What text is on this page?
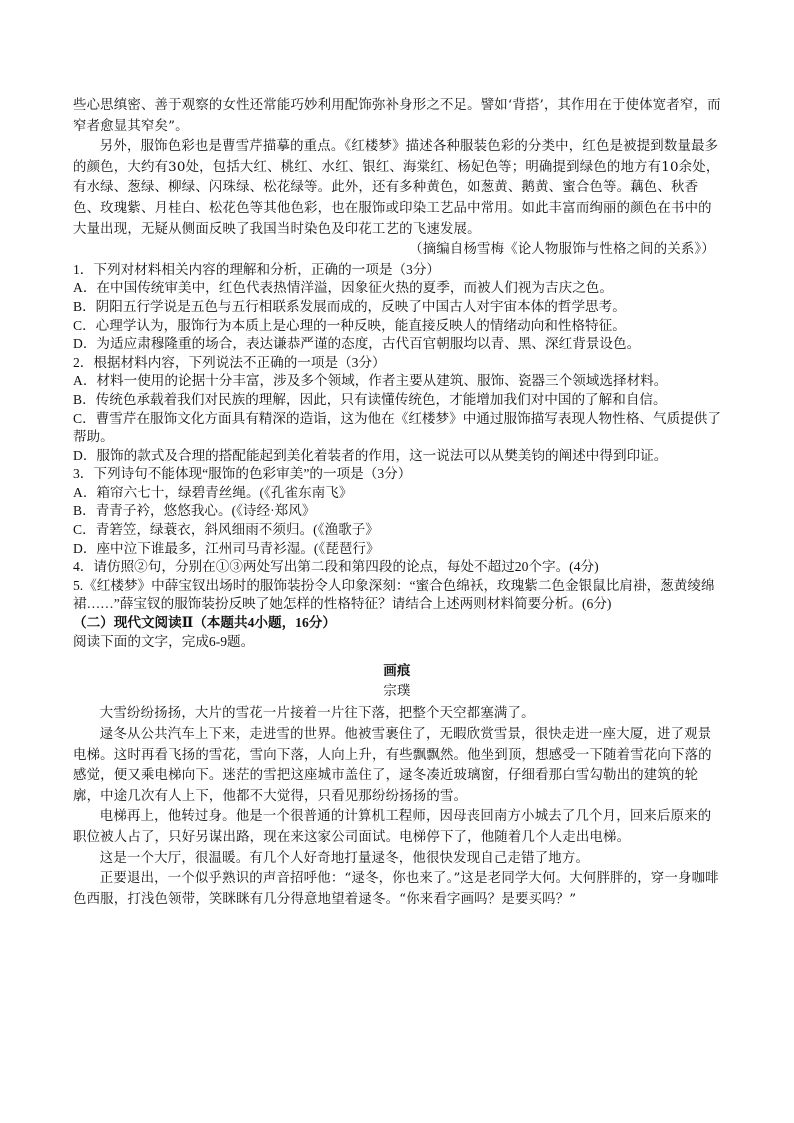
些心思缜密、善于观察的女性还常能巧妙利用配饰弥补身形之不足。譬如‘背搭’，其作用在于使体宽者窄，而窄者愈显其窄矣”。

另外，服饰色彩也是曹雪芹描摹的重点。《红楼梦》描述各种服装色彩的分类中，红色是被提到数量最多的颜色，大约有30处，包括大红、桃红、水红、银红、海棠红、杨妃色等；明确提到绿色的地方有10余处，有水绿、葱绿、柳绿、闪珠绿、松花绿等。此外，还有多种黄色，如葱黄、鹅黄、蜜合色等。藕色、秋香色、玫瑰紫、月桂白、松花色等其他色彩，也在服饰或印染工艺品中常用。如此丰富而绚丽的颜色在书中的大量出现，无疑从侧面反映了我国当时染色及印花工艺的飞速发展。

（摘编自杨雪梅《论人物服饰与性格之间的关系》）

1．下列对材料相关内容的理解和分析，正确的一项是（3分）

A．在中国传统审美中，红色代表热情洋溢，因象征火热的夏季，而被人们视为吉庆之色。

B．阴阳五行学说是五色与五行相联系发展而成的，反映了中国古人对宇宙本体的哲学思考。

C．心理学认为，服饰行为本质上是心理的一种反映，能直接反映人的情绪动向和性格特征。

D．为适应肃穆隆重的场合，表达谦恭严谨的态度，古代百官朝服均以青、黑、深红背景设色。

2．根据材料内容，下列说法不正确的一项是（3分）

A．材料一使用的论据十分丰富，涉及多个领域，作者主要从建筑、服饰、瓷器三个领域选择材料。

B．传统色承载着我们对民族的理解，因此，只有读懂传统色，才能增加我们对中国的了解和自信。

C．曹雪芹在服饰文化方面具有精深的造诣，这为他在《红楼梦》中通过服饰描写表现人物性格、气质提供了帮助。

D．服饰的款式及合理的搭配能起到美化着装者的作用，这一说法可以从樊美钧的阐述中得到印证。

3．下列诗句不能体现“服饰的色彩审美”的一项是（3分）

A．箱帘六七十，绿碧青丝绳。(《孔雀东南飞》

B．青青子衿，悠悠我心。(《诗经·郑风》

C．青箬笠，绿蓑衣，斜风细雨不须归。(《渔歌子》

D．座中泣下谁最多，江州司马青衫湿。(《琵琶行》

4．请仿照②句，分别在①③两处写出第二段和第四段的论点，每处不超过20个字。(4分)

5.《红楼梦》中薛宝钗出场时的服饰装扮令人印象深刻：“蜜合色绵袄，玫瑰紫二色金银鼠比肩褂，葱黄绫绵裙……”薛宝钗的服饰装扮反映了她怎样的性格特征？请结合上述两则材料简要分析。(6分)

（二）现代文阅读Ⅱ（本题共4小题，16分）

阅读下面的文字，完成6-9题。

画痕

宗璞

大雪纷纷扬扬，大片的雪花一片接着一片往下落，把整个天空都塞满了。

逯冬从公共汽车上下来，走进雪的世界。他被雪裹住了，无暇欣赏雪景，很快走进一座大厦，进了观景电梯。这时再看飞扬的雪花，雪向下落，人向上升，有些飘飘然。他坐到顶，想感受一下随着雪花向下落的感觉，便又乘电梯向下。迷茫的雪把这座城市盖住了，逯冬凑近玻璃窗，仔细看那白雪勾勒出的建筑的轮廓，中途几次有人上下，他都不大觉得，只看见那纷纷扬扬的雪。

电梯再上，他转过身。他是一个很普通的计算机工程师，因母丧回南方小城去了几个月，回来后原来的职位被人占了，只好另谋出路，现在来这家公司面试。电梯停下了，他随着几个人走出电梯。

这是一个大厅，很温暖。有几个人好奇地打量逯冬，他很快发现自己走错了地方。

正要退出，一个似乎熟识的声音招呼他：“逯冬，你也来了。”这是老同学大何。大何胖胖的，穿一身咖啡色西服，打浅色领带，笑眯眯有几分得意地望着逯冬。“你来看字画吗？是要买吗？”
